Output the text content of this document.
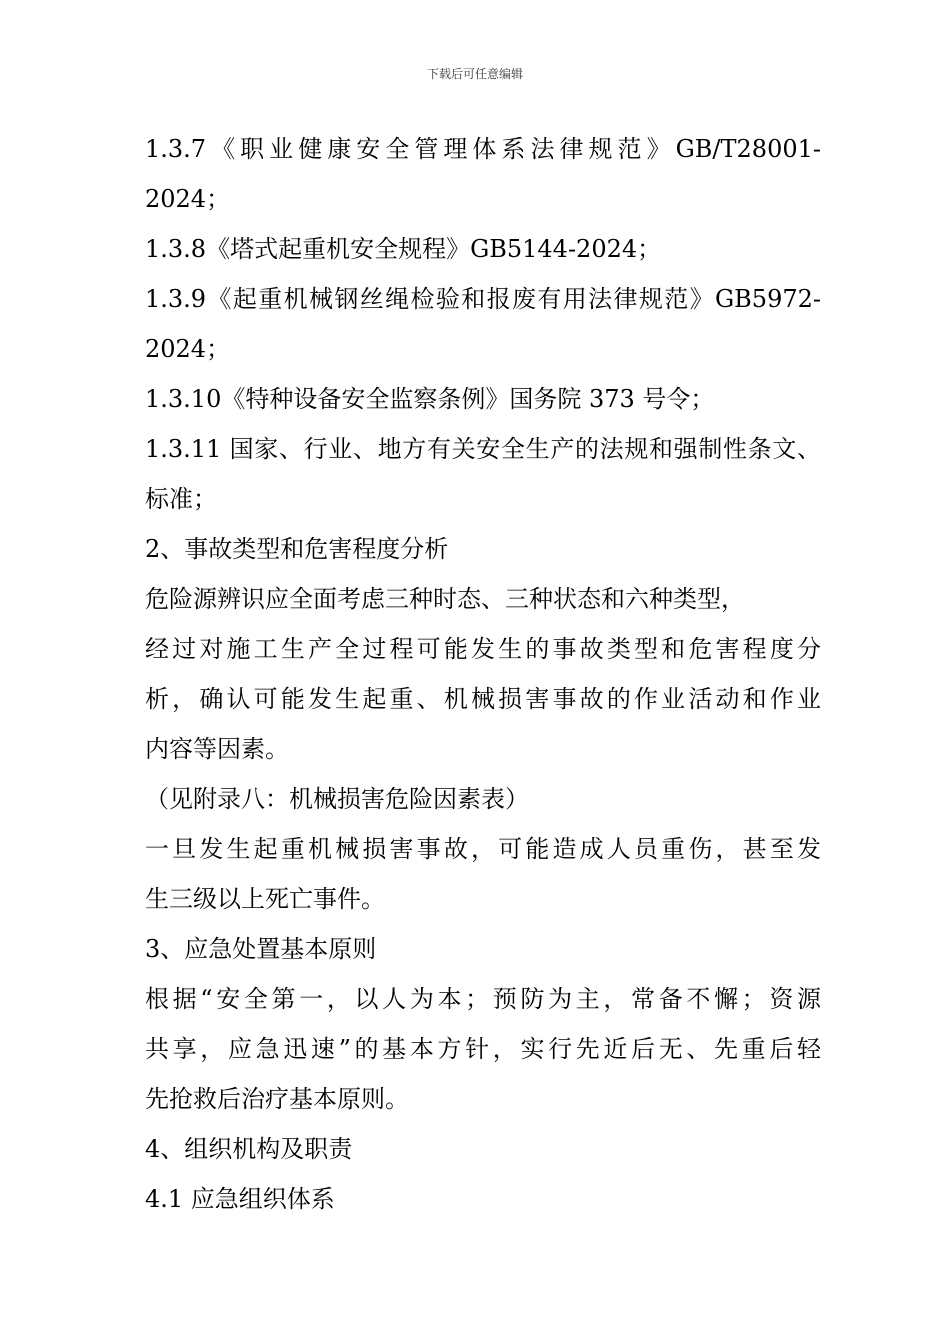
下载后可任意编辑
1.3.7《职业健康安全管理体系法律规范》GB/T28001-
2024；
1.3.8《塔式起重机安全规程》GB5144-2024；
1.3.9《起重机械钢丝绳检验和报废有用法律规范》GB5972-
2024；
1.3.10《特种设备安全监察条例》国务院 373 号令；
1.3.11 国家、行业、地方有关安全生产的法规和强制性条文、
标准；
2、事故类型和危害程度分析
危险源辨识应全面考虑三种时态、三种状态和六种类型，
经过对施工生产全过程可能发生的事故类型和危害程度分
析，确认可能发生起重、机械损害事故的作业活动和作业
内容等因素。
（见附录八：机械损害危险因素表）
一旦发生起重机械损害事故，可能造成人员重伤，甚至发
生三级以上死亡事件。
3、应急处置基本原则
根据“安全第一，以人为本；预防为主，常备不懈；资源
共享，应急迅速”的基本方针，实行先近后无、先重后轻
先抢救后治疗基本原则。
4、组织机构及职责
4.1 应急组织体系
